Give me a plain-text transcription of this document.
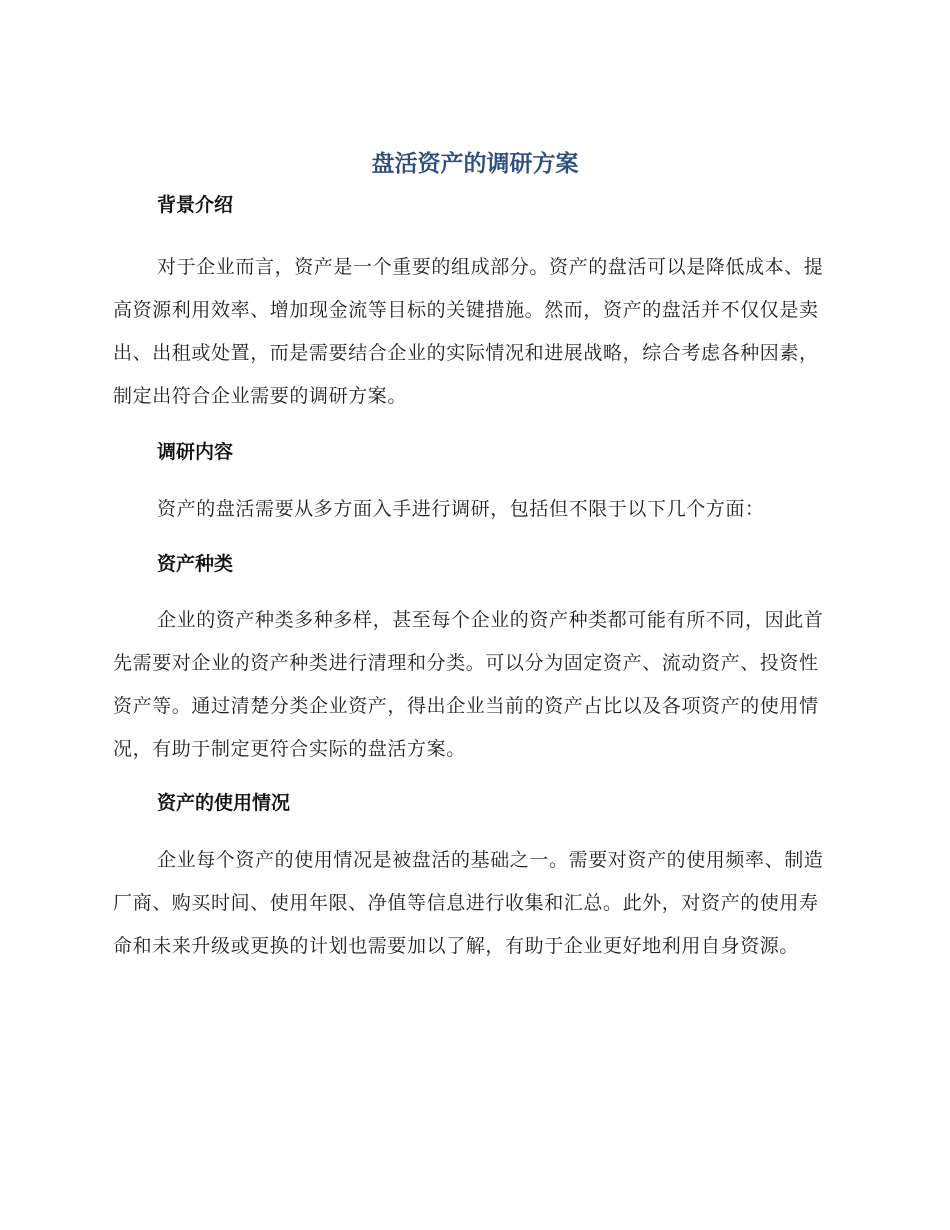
盘活资产的调研方案
背景介绍

对于企业而言，资产是一个重要的组成部分。资产的盘活可以是降低成本、提高资源利用效率、增加现金流等目标的关键措施。然而，资产的盘活并不仅仅是卖出、出租或处置，而是需要结合企业的实际情况和进展战略，综合考虑各种因素，制定出符合企业需要的调研方案。

调研内容

资产的盘活需要从多方面入手进行调研，包括但不限于以下几个方面：

资产种类

企业的资产种类多种多样，甚至每个企业的资产种类都可能有所不同，因此首先需要对企业的资产种类进行清理和分类。可以分为固定资产、流动资产、投资性资产等。通过清楚分类企业资产，得出企业当前的资产占比以及各项资产的使用情况，有助于制定更符合实际的盘活方案。

资产的使用情况

企业每个资产的使用情况是被盘活的基础之一。需要对资产的使用频率、制造厂商、购买时间、使用年限、净值等信息进行收集和汇总。此外，对资产的使用寿命和未来升级或更换的计划也需要加以了解，有助于企业更好地利用自身资源。
